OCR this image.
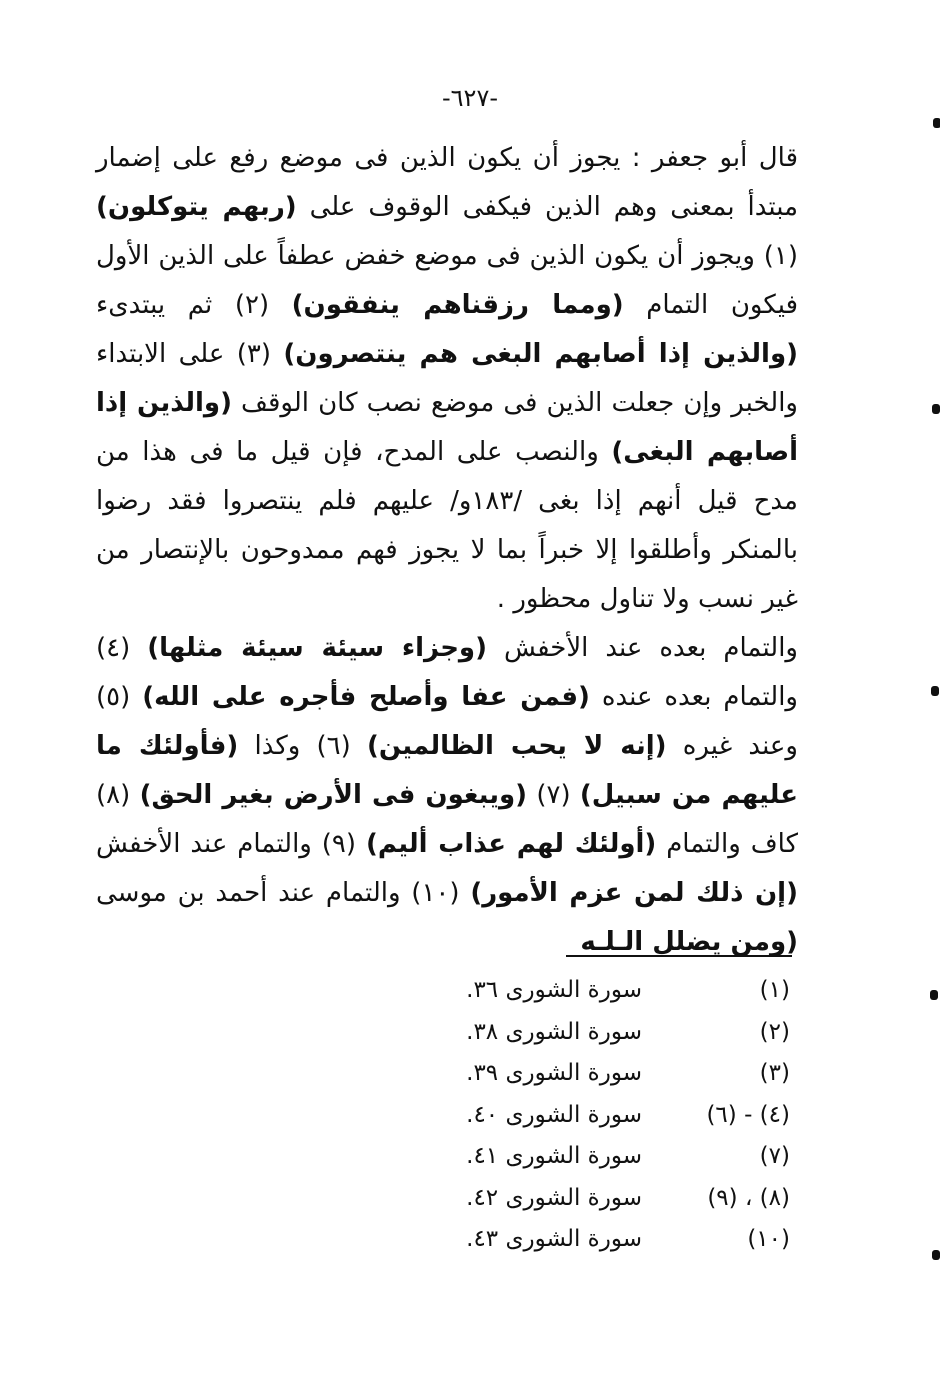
-٦٢٧-

قال أبو جعفر : يجوز أن يكون الذين فى موضع رفع على إضمار مبتدأ بمعنى وهم الذين فيكفى الوقوف على (ربهم يتوكلون) (١) ويجوز أن يكون الذين فى موضع خفض عطفاً على الذين الأول فيكون التمام (ومما رزقناهم ينفقون) (٢) ثم يبتدىء (والذين إذا أصابهم البغى هم ينتصرون) (٣) على الابتداء والخبر وإن جعلت الذين فى موضع نصب كان الوقف (والذين إذا أصابهم البغى) والنصب على المدح، فإن قيل ما فى هذا من مدح قيل أنهم إذا بغى /١٨٣و/ عليهم فلم ينتصروا فقد رضوا بالمنكر وأطلقوا إلا خبراً بما لا يجوز فهم ممدوحون بالإنتصار من غير نسب ولا تناول محظور .

والتمام بعده عند الأخفش (وجزاء سيئة سيئة مثلها) (٤) والتمام بعده عنده (فمن عفا وأصلح فأجره على الله) (٥) وعند غيره (إنه لا يحب الظالمين) (٦) وكذا (فأولئك ما عليهم من سبيل) (٧) (ويبغون فى الأرض بغير الحق) (٨) كاف والتمام (أولئك لهم عذاب أليم) (٩) والتمام عند الأخفش (إن ذلك لمن عزم الأمور) (١٠) والتمام عند أحمد بن موسى (ومن يضلل الـلـه

(١)
سورة الشورى ٣٦.
(٢)
سورة الشورى ٣٨.
(٣)
سورة الشورى ٣٩.
(٤) - (٦)
سورة الشورى ٤٠.
(٧)
سورة الشورى ٤١.
(٨) ، (٩)
سورة الشورى ٤٢.
(١٠)
سورة الشورى ٤٣.
